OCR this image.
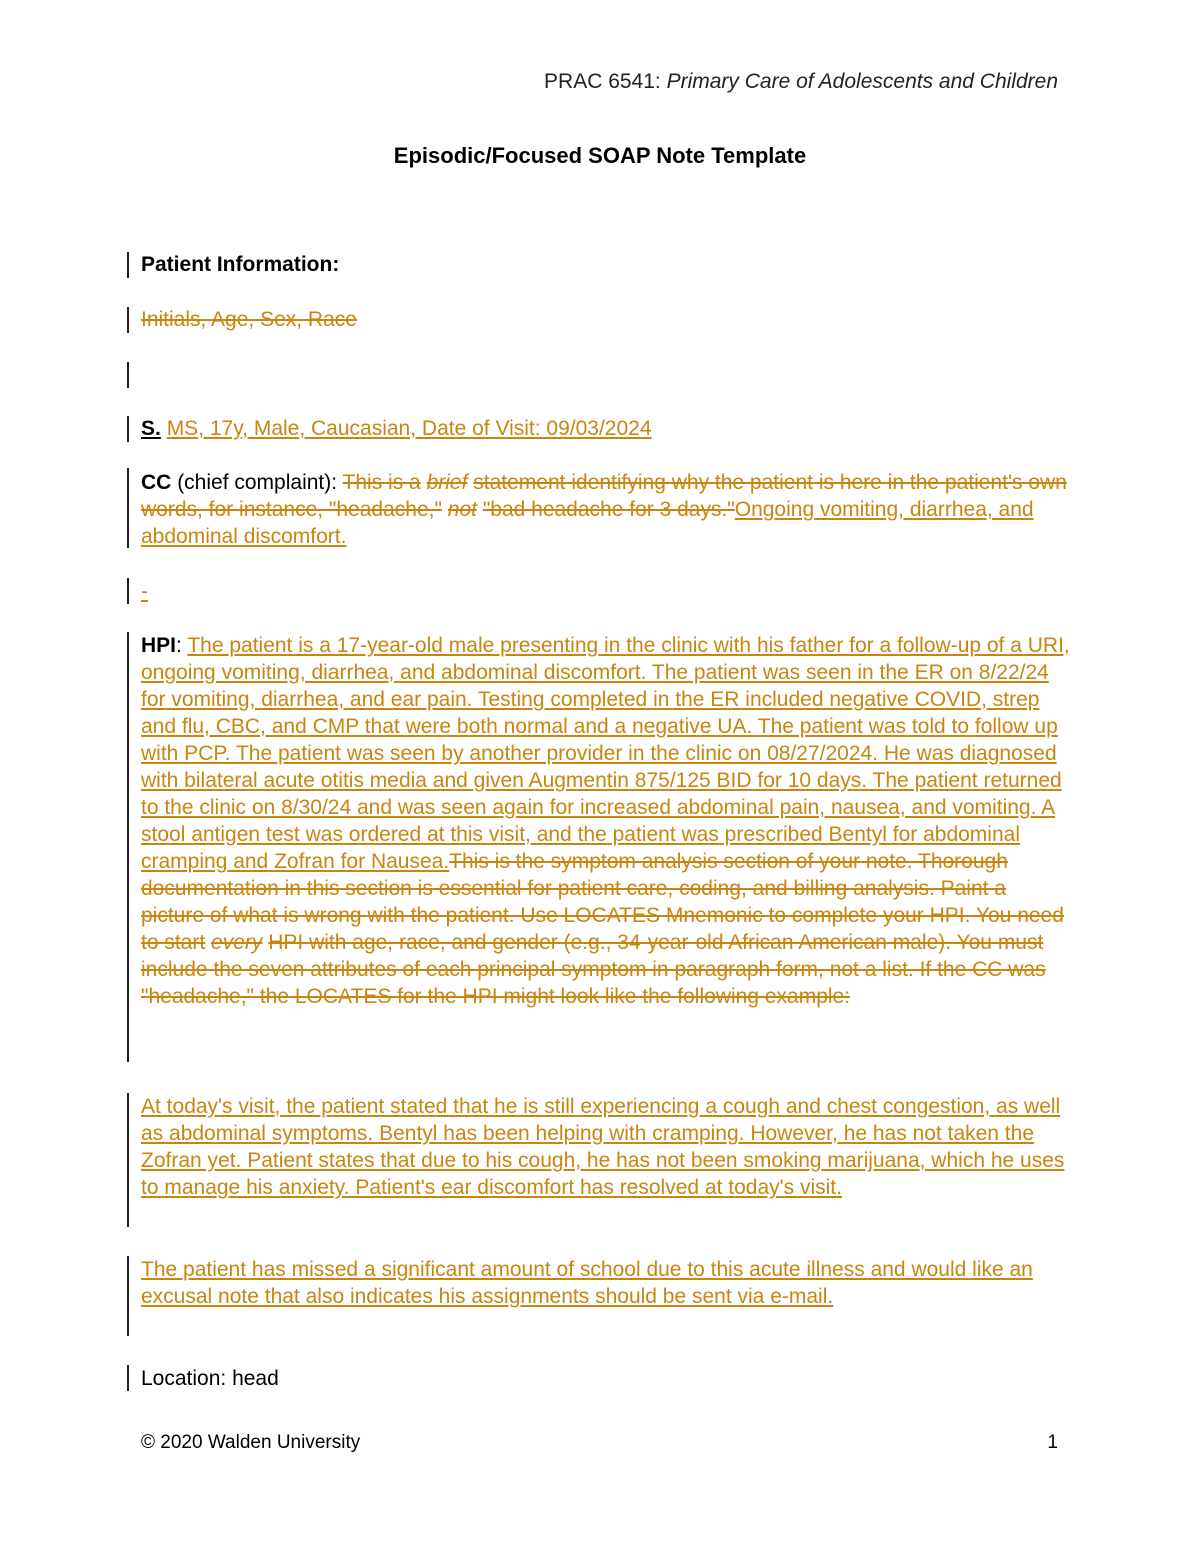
PRAC 6541: Primary Care of Adolescents and Children
Episodic/Focused SOAP Note Template
Patient Information:
Initials, Age, Sex, Race
S. MS, 17y, Male, Caucasian, Date of Visit: 09/03/2024
CC (chief complaint): This is a brief statement identifying why the patient is here in the patient's own words, for instance, "headache," not "bad headache for 3 days."Ongoing vomiting, diarrhea, and abdominal discomfort.
-
HPI: The patient is a 17-year-old male presenting in the clinic with his father for a follow-up of a URI, ongoing vomiting, diarrhea, and abdominal discomfort. The patient was seen in the ER on 8/22/24 for vomiting, diarrhea, and ear pain. Testing completed in the ER included negative COVID, strep and flu, CBC, and CMP that were both normal and a negative UA. The patient was told to follow up with PCP. The patient was seen by another provider in the clinic on 08/27/2024. He was diagnosed with bilateral acute otitis media and given Augmentin 875/125 BID for 10 days. The patient returned to the clinic on 8/30/24 and was seen again for increased abdominal pain, nausea, and vomiting. A stool antigen test was ordered at this visit, and the patient was prescribed Bentyl for abdominal cramping and Zofran for Nausea.This is the symptom analysis section of your note. Thorough documentation in this section is essential for patient care, coding, and billing analysis. Paint a picture of what is wrong with the patient. Use LOCATES Mnemonic to complete your HPI. You need to start every HPI with age, race, and gender (e.g., 34-year-old African American male). You must include the seven attributes of each principal symptom in paragraph form, not a list. If the CC was "headache," the LOCATES for the HPI might look like the following example:
At today's visit, the patient stated that he is still experiencing a cough and chest congestion, as well as abdominal symptoms. Bentyl has been helping with cramping. However, he has not taken the Zofran yet. Patient states that due to his cough, he has not been smoking marijuana, which he uses to manage his anxiety. Patient's ear discomfort has resolved at today's visit.
The patient has missed a significant amount of school due to this acute illness and would like an excusal note that also indicates his assignments should be sent via e-mail.
Location: head
© 2020 Walden University	1
